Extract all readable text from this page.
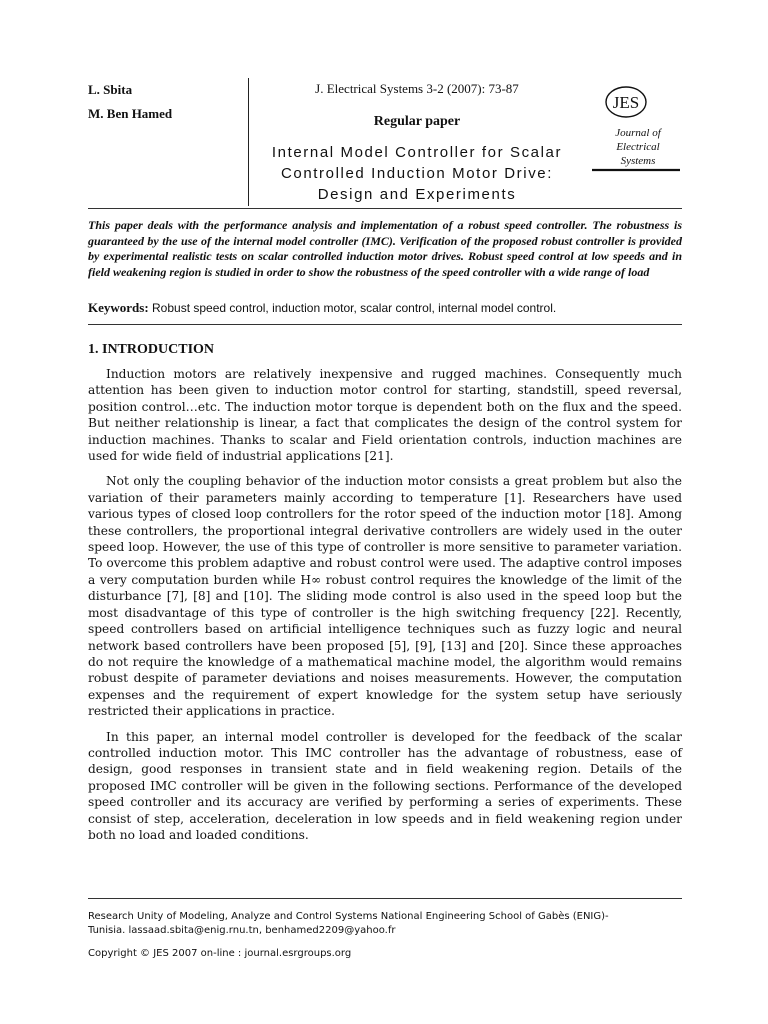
L. Sbita
M. Ben Hamed
J. Electrical Systems 3-2 (2007): 73-87
Regular paper
Internal Model Controller for Scalar
Controlled Induction Motor Drive:
Design and Experiments
JES
Journal of
Electrical
Systems
This paper deals with the performance analysis and implementation of a robust speed controller. The robustness is guaranteed by the use of the internal model controller (IMC). Verification of the proposed robust controller is provided by experimental realistic tests on scalar controlled induction motor drives. Robust speed control at low speeds and in field weakening region is studied in order to show the robustness of the speed controller with a wide range of load
Keywords: Robust speed control, induction motor, scalar control, internal model control.
1. INTRODUCTION

Induction motors are relatively inexpensive and rugged machines. Consequently much attention has been given to induction motor control for starting, standstill, speed reversal, position control…etc. The induction motor torque is dependent both on the flux and the speed. But neither relationship is linear, a fact that complicates the design of the control system for induction machines. Thanks to scalar and Field orientation controls, induction machines are used for wide field of industrial applications [21].

Not only the coupling behavior of the induction motor consists a great problem but also the variation of their parameters mainly according to temperature [1]. Researchers have used various types of closed loop controllers for the rotor speed of the induction motor [18]. Among these controllers, the proportional integral derivative controllers are widely used in the outer speed loop. However, the use of this type of controller is more sensitive to parameter variation. To overcome this problem adaptive and robust control were used. The adaptive control imposes a very computation burden while H∞ robust control requires the knowledge of the limit of the disturbance [7], [8] and [10]. The sliding mode control is also used in the speed loop but the most disadvantage of this type of controller is the high switching frequency [22]. Recently, speed controllers based on artificial intelligence techniques such as fuzzy logic and neural network based controllers have been proposed [5], [9], [13] and [20]. Since these approaches do not require the knowledge of a mathematical machine model, the algorithm would remains robust despite of parameter deviations and noises measurements. However, the computation expenses and the requirement of expert knowledge for the system setup have seriously restricted their applications in practice.

In this paper, an internal model controller is developed for the feedback of the scalar controlled induction motor. This IMC controller has the advantage of robustness, ease of design, good responses in transient state and in field weakening region. Details of the proposed IMC controller will be given in the following sections. Performance of the developed speed controller and its accuracy are verified by performing a series of experiments. These consist of step, acceleration, deceleration in low speeds and in field weakening region under both no load and loaded conditions.

Research Unity of Modeling, Analyze and Control Systems National Engineering School of Gabès (ENIG)-
Tunisia. lassaad.sbita@enig.rnu.tn, benhamed2209@yahoo.fr
Copyright © JES 2007 on-line : journal.esrgroups.org
